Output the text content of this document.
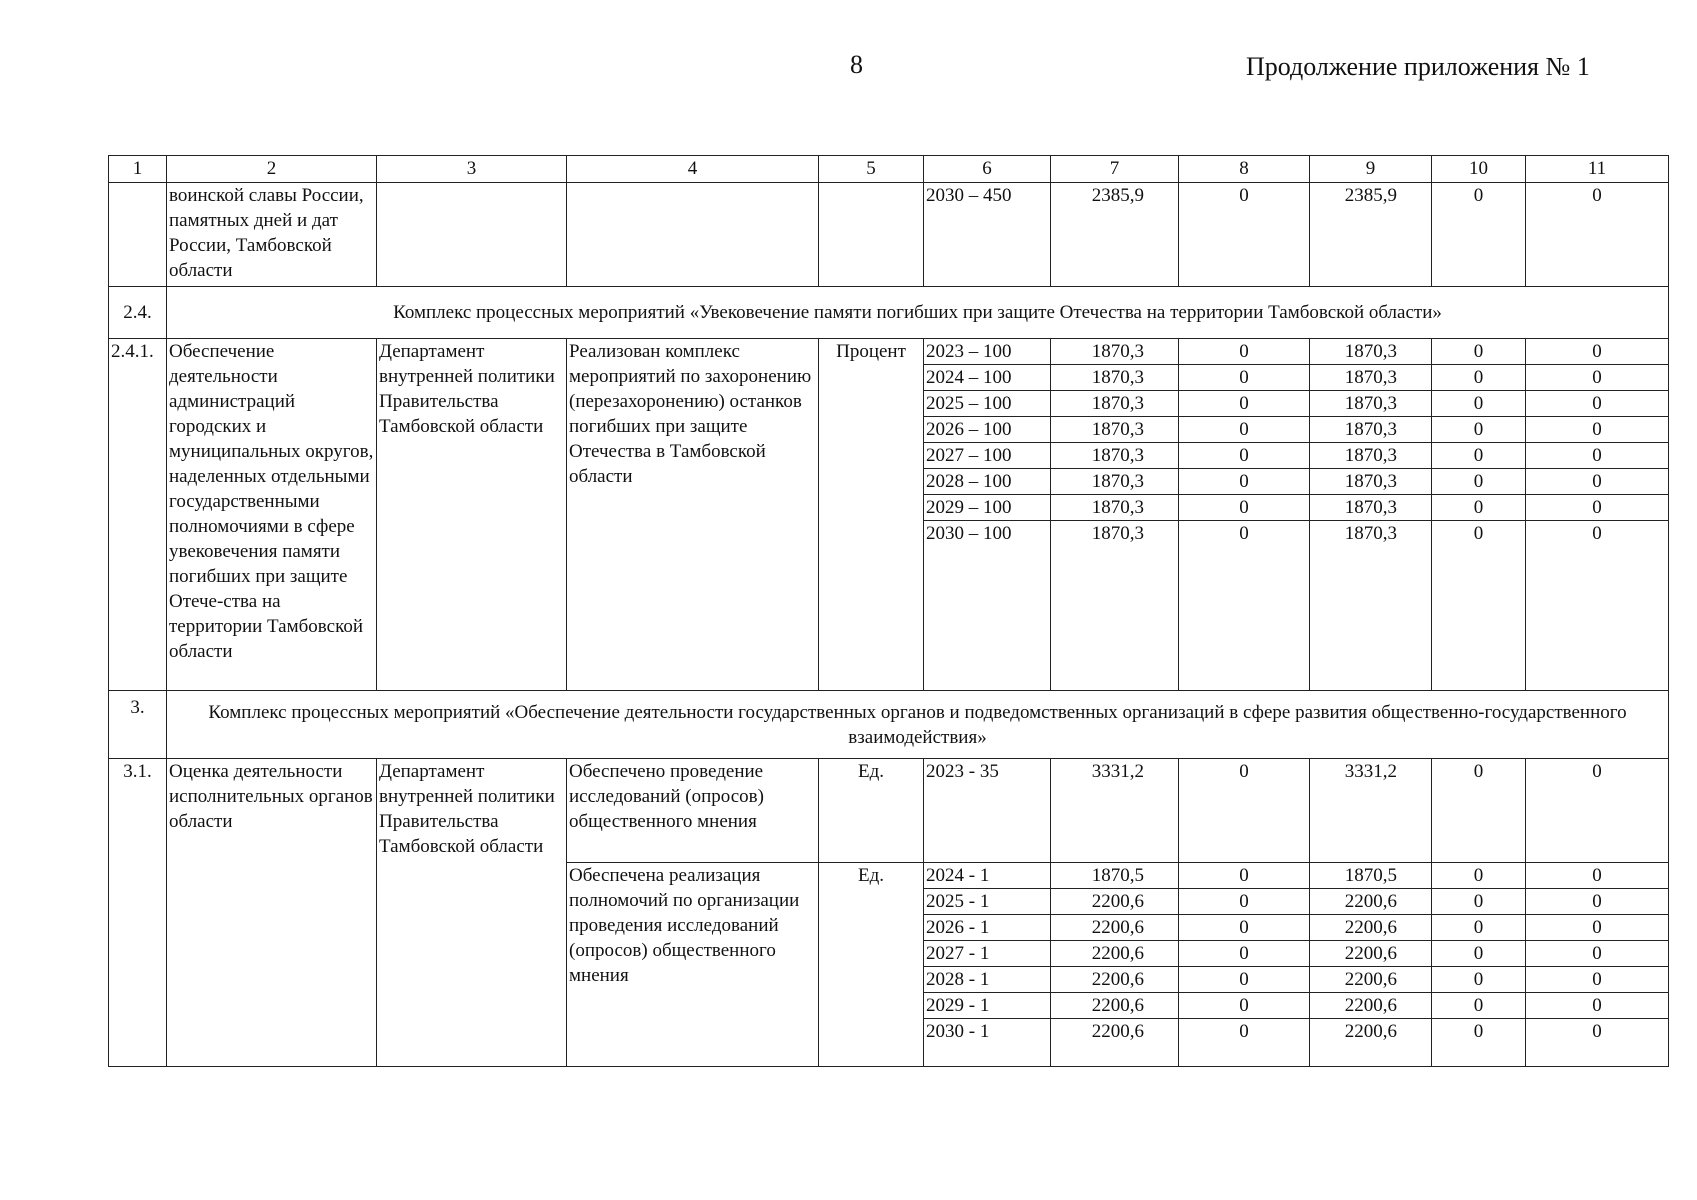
8	Продолжение приложения № 1
1	2	3	4	5	6	7	8	9	10	11
	воинской славы России, памятных дней и дат России, Тамбовской области				2030 – 450	2385,9	0	2385,9	0	0
2.4.	Комплекс процессных мероприятий «Увековечение памяти погибших при защите Отечества на территории Тамбовской области»									
2.4.1.	Обеспечение деятельности администраций городских и муниципальных округов, наделенных отдельными государственными полномочиями в сфере увековечения памяти погибших при защите Отече-ства на территории Тамбовской области	Департамент внутренней политики Правительства Тамбовской области	Реализован комплекс мероприятий по захоронению (перезахоронению) останков погибших при защите Отечества в Тамбовской области	Процент	2023 – 100	1870,3	0	1870,3	0	0
					2024 – 100	1870,3	0	1870,3	0	0
					2025 – 100	1870,3	0	1870,3	0	0
					2026 – 100	1870,3	0	1870,3	0	0
					2027 – 100	1870,3	0	1870,3	0	0
					2028 – 100	1870,3	0	1870,3	0	0
					2029 – 100	1870,3	0	1870,3	0	0
					2030 – 100	1870,3	0	1870,3	0	0
3.	Комплекс процессных мероприятий «Обеспечение деятельности государственных органов и подведомственных организаций в сфере развития общественно-государственного взаимодействия»									
3.1.	Оценка деятельности исполнительных органов области	Департамент внутренней политики Правительства Тамбовской области	Обеспечено проведение исследований (опросов) общественного мнения	Ед.	2023 - 35	3331,2	0	3331,2	0	0
			Обеспечена реализация полномочий по организации проведения исследований (опросов) общественного мнения	Ед.	2024 - 1	1870,5	0	1870,5	0	0
					2025 - 1	2200,6	0	2200,6	0	0
					2026 - 1	2200,6	0	2200,6	0	0
					2027 - 1	2200,6	0	2200,6	0	0
					2028 - 1	2200,6	0	2200,6	0	0
					2029 - 1	2200,6	0	2200,6	0	0
					2030 - 1	2200,6	0	2200,6	0	0
